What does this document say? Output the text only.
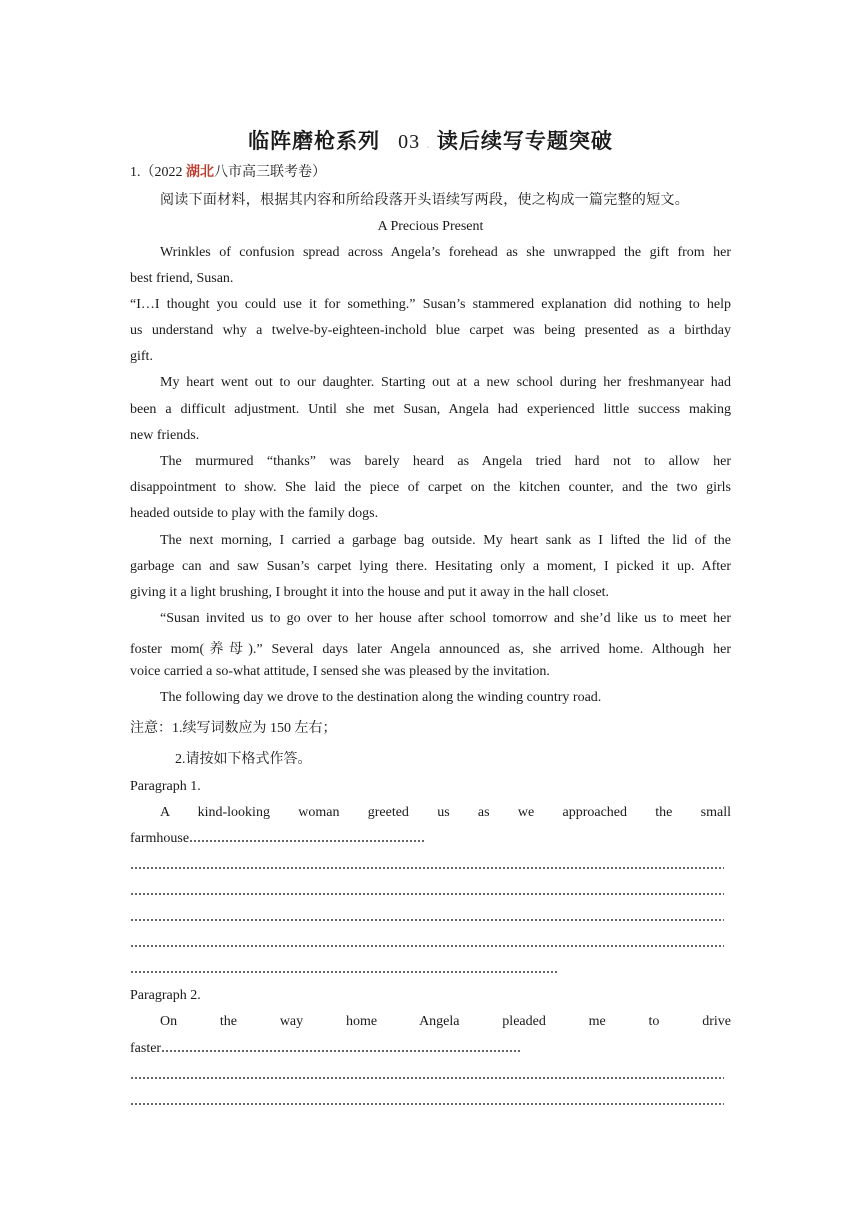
临阵磨枪系列 03 . 读后续写专题突破
1.（2022 湖北八市高三联考卷）
阅读下面材料，根据其内容和所给段落开头语续写两段，使之构成一篇完整的短文。
A Precious Present
Wrinkles of confusion spread across Angela’s forehead as she unwrapped the gift from her
best friend, Susan.
“I…I thought you could use it for something.” Susan’s stammered explanation did nothing to help
us understand why a twelve-by-eighteen-inchold blue carpet was being presented as a birthday
gift.
My heart went out to our daughter. Starting out at a new school during her freshmanyear had
been a difficult adjustment. Until she met Susan, Angela had experienced little success making
new friends.
The murmured “thanks” was barely heard as Angela tried hard not to allow her
disappointment to show. She laid the piece of carpet on the kitchen counter, and the two girls
headed outside to play with the family dogs.
The next morning, I carried a garbage bag outside. My heart sank as I lifted the lid of the
garbage can and saw Susan’s carpet lying there. Hesitating only a moment, I picked it up. After
giving it a light brushing, I brought it into the house and put it away in the hall closet.
“Susan invited us to go over to her house after school tomorrow and she’d like us to meet her
foster mom(养母).” Several days later Angela announced as, she arrived home. Although her
voice carried a so-what attitude, I sensed she was pleased by the invitation.
The following day we drove to the destination along the winding country road.
注意：1.续写词数应为 150 左右；
2.请按如下格式作答。
Paragraph 1.
A kind-looking woman greeted us as we approached the small
farmhouse
Paragraph 2.
On the way home Angela pleaded me to drive
faster
